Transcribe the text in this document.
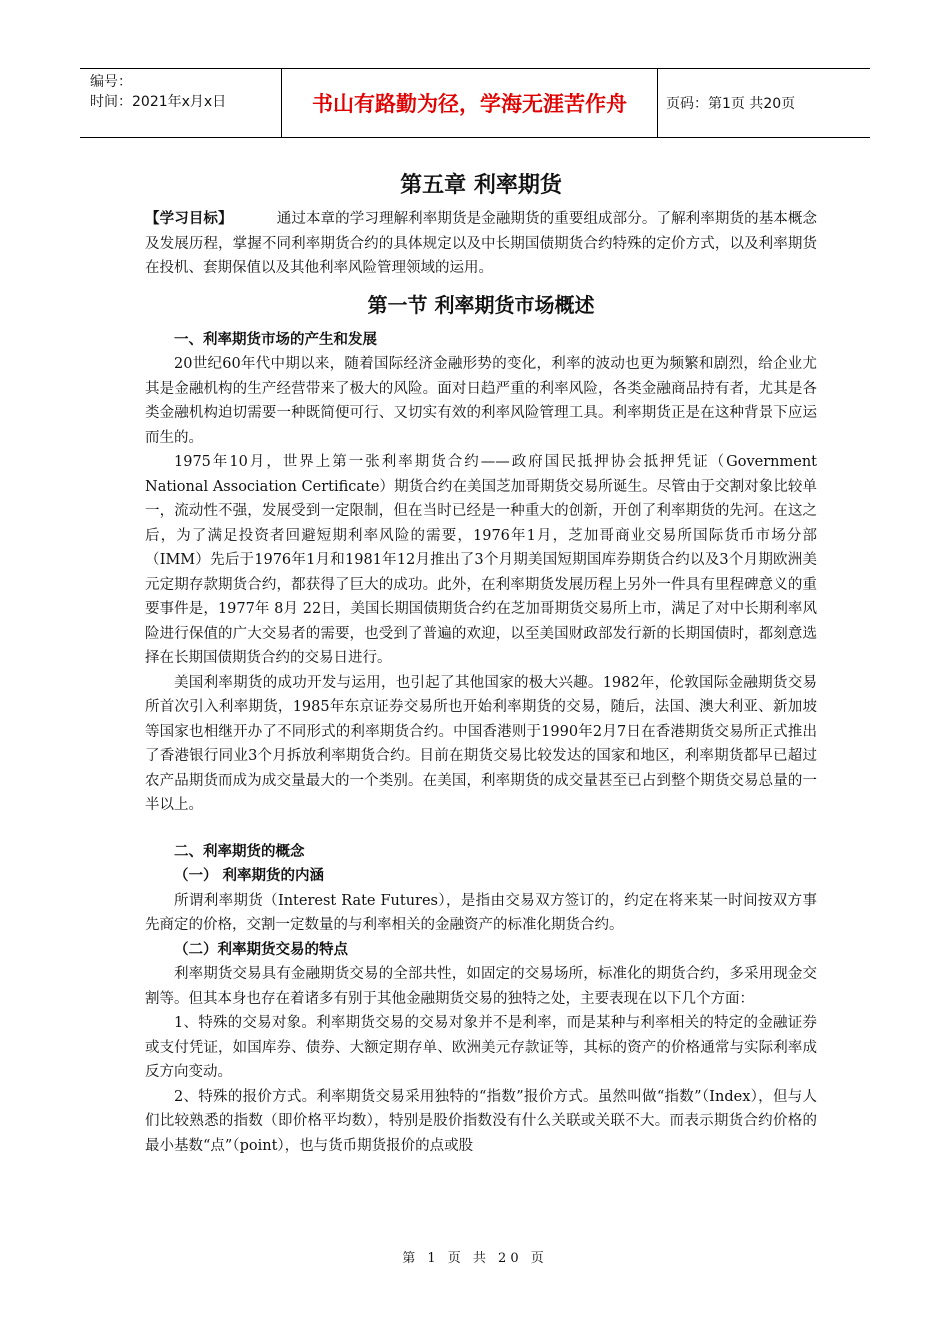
编号：
时间：2021年x月x日	书山有路勤为径，学海无涯苦作舟	页码：第1页 共20页
第五章 利率期货

【学习目标】	通过本章的学习理解利率期货是金融期货的重要组成部分。了解利率期货的基本概念及发展历程，掌握不同利率期货合约的具体规定以及中长期国债期货合约特殊的定价方式，以及利率期货在投机、套期保值以及其他利率风险管理领域的运用。

第一节 利率期货市场概述
一、利率期货市场的产生和发展

20世纪60年代中期以来，随着国际经济金融形势的变化，利率的波动也更为频繁和剧烈，给企业尤其是金融机构的生产经营带来了极大的风险。面对日趋严重的利率风险，各类金融商品持有者，尤其是各类金融机构迫切需要一种既简便可行、又切实有效的利率风险管理工具。利率期货正是在这种背景下应运而生的。

1975年10月，世界上第一张利率期货合约——政府国民抵押协会抵押凭证（Government National Association Certificate）期货合约在美国芝加哥期货交易所诞生。尽管由于交割对象比较单一，流动性不强，发展受到一定限制，但在当时已经是一种重大的创新，开创了利率期货的先河。在这之后，为了满足投资者回避短期利率风险的需要，1976年1月，芝加哥商业交易所国际货币市场分部（IMM）先后于1976年1月和1981年12月推出了3个月期美国短期国库券期货合约以及3个月期欧洲美元定期存款期货合约，都获得了巨大的成功。此外，在利率期货发展历程上另外一件具有里程碑意义的重要事件是，1977年 8月 22日，美国长期国债期货合约在芝加哥期货交易所上市，满足了对中长期利率风险进行保值的广大交易者的需要，也受到了普遍的欢迎，以至美国财政部发行新的长期国债时，都刻意选择在长期国债期货合约的交易日进行。

美国利率期货的成功开发与运用，也引起了其他国家的极大兴趣。1982年，伦敦国际金融期货交易所首次引入利率期货，1985年东京证券交易所也开始利率期货的交易，随后，法国、澳大利亚、新加坡等国家也相继开办了不同形式的利率期货合约。中国香港则于1990年2月7日在香港期货交易所正式推出了香港银行同业3个月拆放利率期货合约。目前在期货交易比较发达的国家和地区，利率期货都早已超过农产品期货而成为成交量最大的一个类别。在美国，利率期货的成交量甚至已占到整个期货交易总量的一半以上。

二、利率期货的概念
（一） 利率期货的内涵

所谓利率期货（Interest Rate Futures），是指由交易双方签订的，约定在将来某一时间按双方事先商定的价格，交割一定数量的与利率相关的金融资产的标准化期货合约。

（二）利率期货交易的特点

利率期货交易具有金融期货交易的全部共性，如固定的交易场所，标准化的期货合约，多采用现金交割等。但其本身也存在着诸多有别于其他金融期货交易的独特之处，主要表现在以下几个方面：

1、特殊的交易对象。利率期货交易的交易对象并不是利率，而是某种与利率相关的特定的金融证券或支付凭证，如国库券、债券、大额定期存单、欧洲美元存款证等，其标的资产的价格通常与实际利率成反方向变动。

2、特殊的报价方式。利率期货交易采用独特的“指数”报价方式。虽然叫做“指数”（Index），但与人们比较熟悉的指数（即价格平均数），特别是股价指数没有什么关联或关联不大。而表示期货合约价格的最小基数“点”（point），也与货币期货报价的点或股

第 1 页 共 20 页
